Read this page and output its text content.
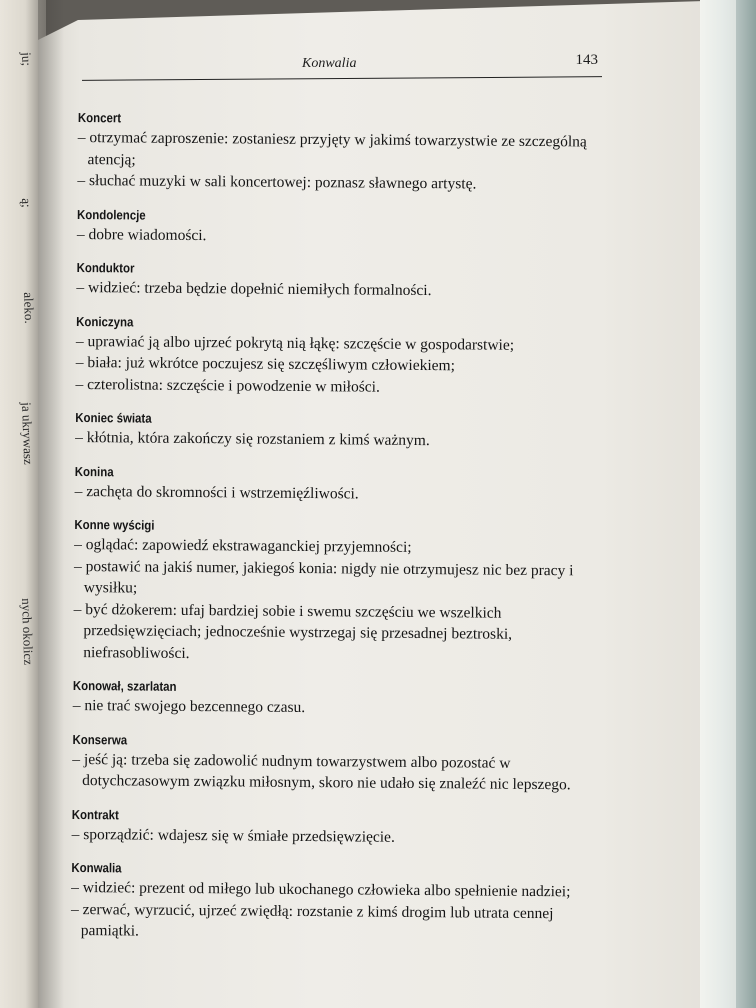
ju;
ą;
aleko.
ja ukrywasz
nych okolicz
Konwalia	143
Koncert
– otrzymać zaproszenie: zostaniesz przyjęty w jakimś towarzystwie ze szczególną atencją;
– słuchać muzyki w sali koncertowej: poznasz sławnego artystę.
Kondolencje
– dobre wiadomości.
Konduktor
– widzieć: trzeba będzie dopełnić niemiłych formalności.
Koniczyna
– uprawiać ją albo ujrzeć pokrytą nią łąkę: szczęście w gospodarstwie;
– biała: już wkrótce poczujesz się szczęśliwym człowiekiem;
– czterolistna: szczęście i powodzenie w miłości.
Koniec świata
– kłótnia, która zakończy się rozstaniem z kimś ważnym.
Konina
– zachęta do skromności i wstrzemięźliwości.
Konne wyścigi
– oglądać: zapowiedź ekstrawaganckiej przyjemności;
– postawić na jakiś numer, jakiegoś konia: nigdy nie otrzymujesz nic bez pracy i wysiłku;
– być dżokerem: ufaj bardziej sobie i swemu szczęściu we wszelkich przedsięwzięciach; jednocześnie wystrzegaj się przesadnej beztroski, niefrasobliwości.
Konował, szarlatan
– nie trać swojego bezcennego czasu.
Konserwa
– jeść ją: trzeba się zadowolić nudnym towarzystwem albo pozostać w dotychczasowym związku miłosnym, skoro nie udało się znaleźć nic lepszego.
Kontrakt
– sporządzić: wdajesz się w śmiałe przedsięwzięcie.
Konwalia
– widzieć: prezent od miłego lub ukochanego człowieka albo spełnienie nadziei;
– zerwać, wyrzucić, ujrzeć zwiędłą: rozstanie z kimś drogim lub utrata cennej pamiątki.
